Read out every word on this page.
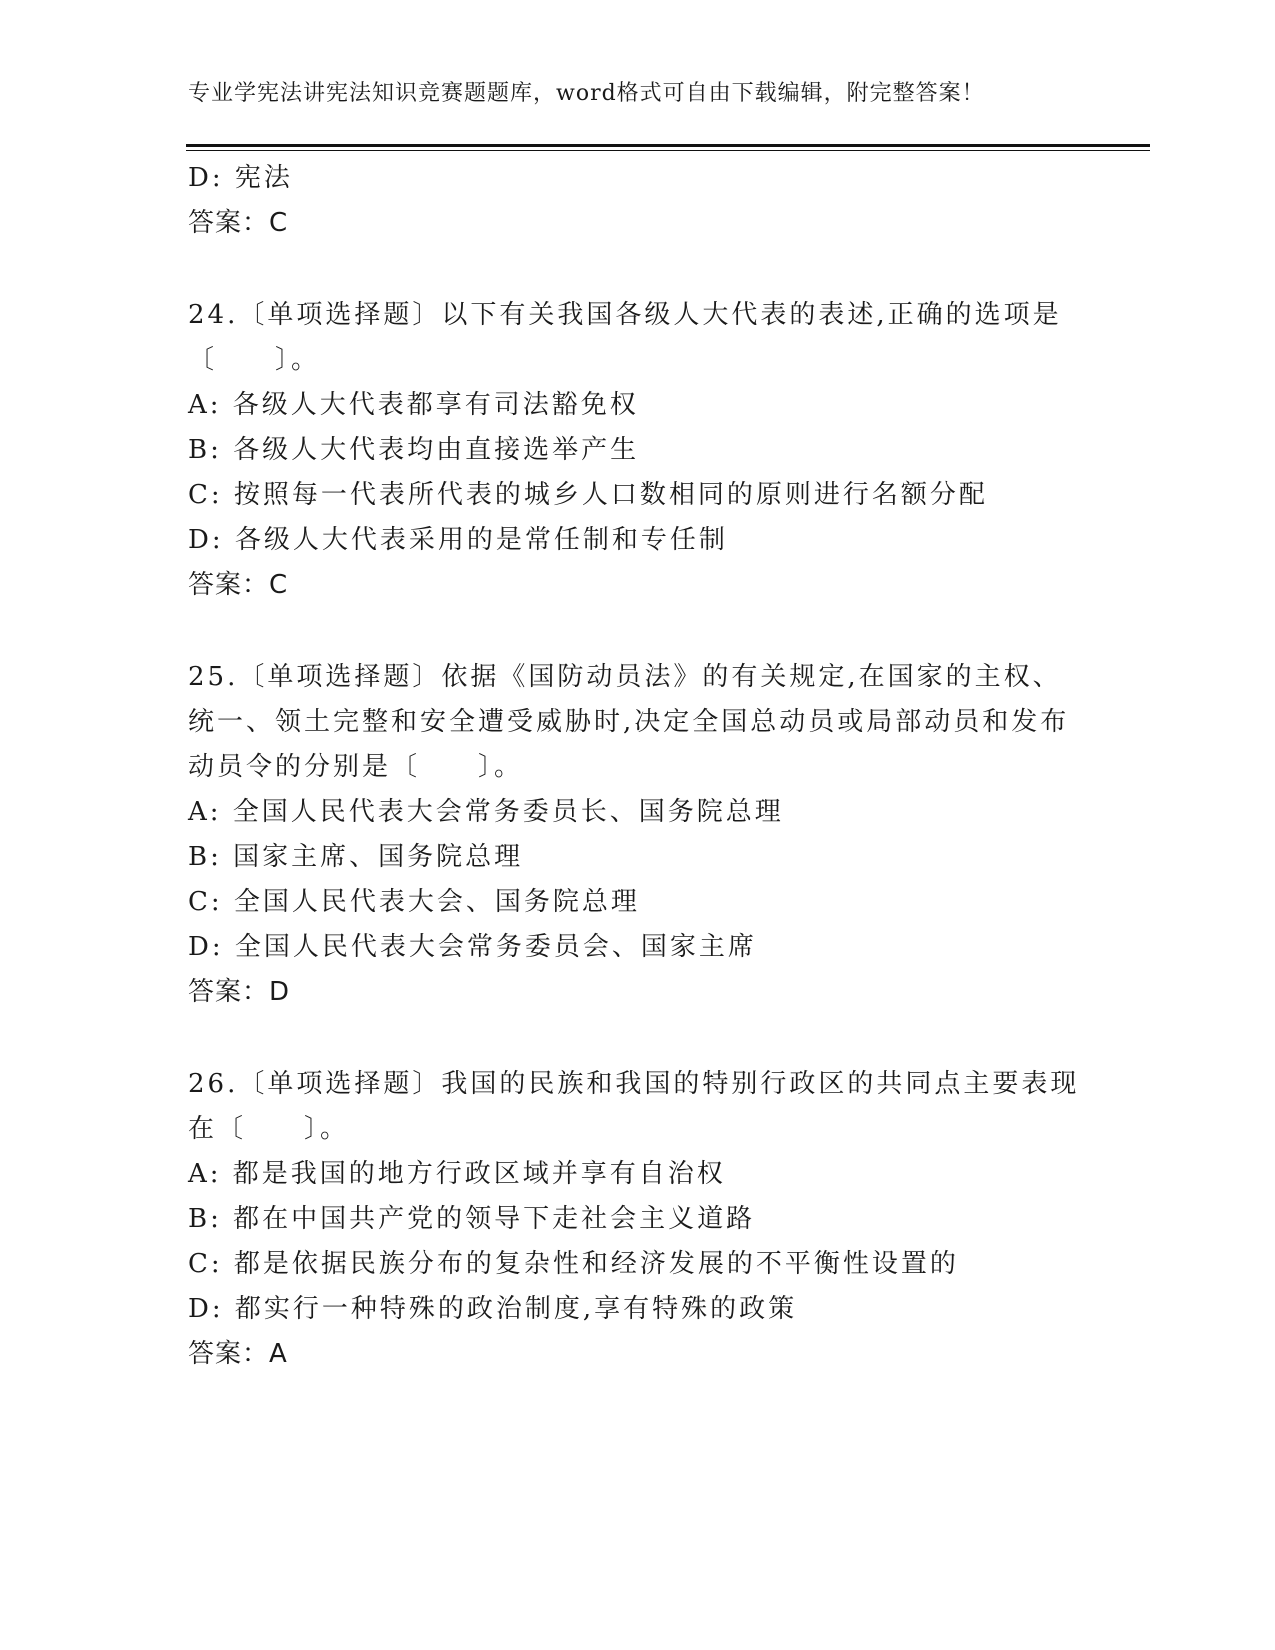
专业学宪法讲宪法知识竞赛题题库，word格式可自由下载编辑，附完整答案！
D: 宪法
答案：C
24.〔单项选择题〕以下有关我国各级人大代表的表述,正确的选项是
〔　　〕。
A: 各级人大代表都享有司法豁免权
B: 各级人大代表均由直接选举产生
C: 按照每一代表所代表的城乡人口数相同的原则进行名额分配
D: 各级人大代表采用的是常任制和专任制
答案：C
25.〔单项选择题〕依据《国防动员法》的有关规定,在国家的主权、
统一、领土完整和安全遭受威胁时,决定全国总动员或局部动员和发布
动员令的分别是〔　　〕。
A: 全国人民代表大会常务委员长、国务院总理
B: 国家主席、国务院总理
C: 全国人民代表大会、国务院总理
D: 全国人民代表大会常务委员会、国家主席
答案：D
26.〔单项选择题〕我国的民族和我国的特别行政区的共同点主要表现
在〔　　〕。
A: 都是我国的地方行政区域并享有自治权
B: 都在中国共产党的领导下走社会主义道路
C: 都是依据民族分布的复杂性和经济发展的不平衡性设置的
D: 都实行一种特殊的政治制度,享有特殊的政策
答案：A
